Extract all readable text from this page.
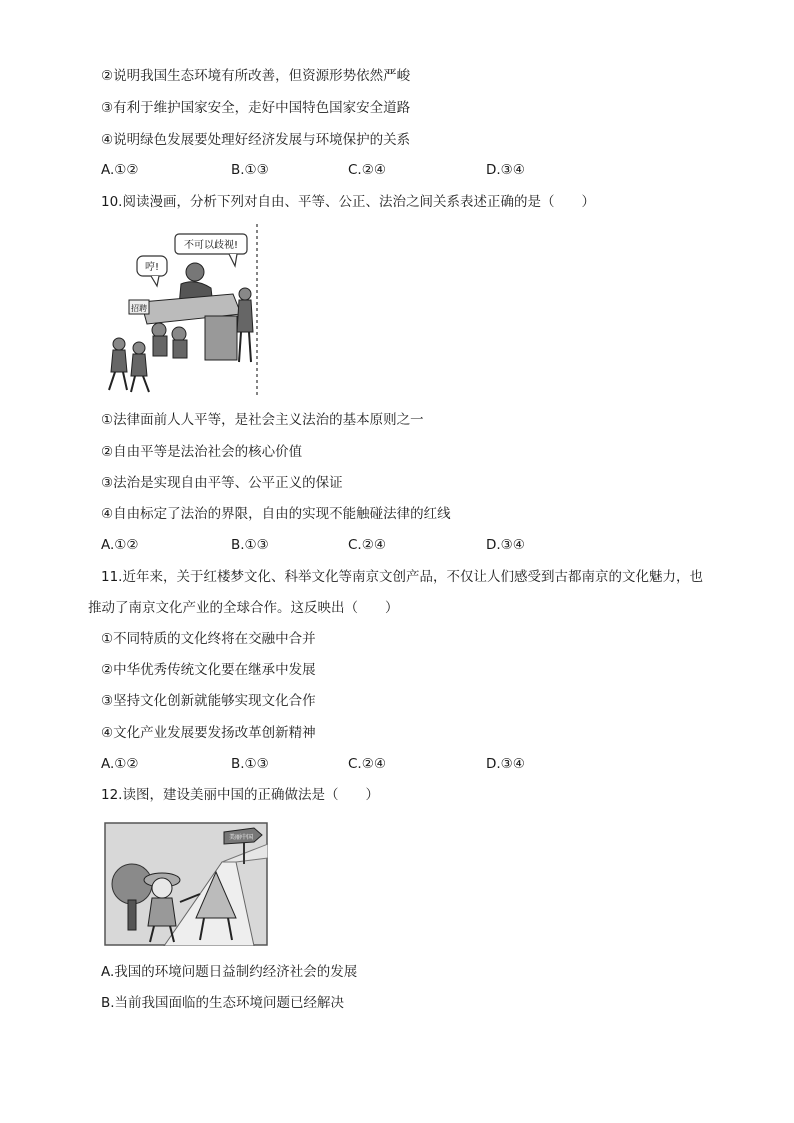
②说明我国生态环境有所改善，但资源形势依然严峻
③有利于维护国家安全，走好中国特色国家安全道路
④说明绿色发展要处理好经济发展与环境保护的关系
A.①②	B.①③	C.②④	D.③④
10.阅读漫画，分析下列对自由、平等、公正、法治之间关系表述正确的是（　　）
哼!
不可以歧视!
招聘
①法律面前人人平等，是社会主义法治的基本原则之一
②自由平等是法治社会的核心价值
③法治是实现自由平等、公平正义的保证
④自由标定了法治的界限，自由的实现不能触碰法律的红线
A.①②	B.①③	C.②④	D.③④
11.近年来，关于红楼梦文化、科举文化等南京文创产品，不仅让人们感受到古都南京的文化魅力，也
推动了南京文化产业的全球合作。这反映出（　　）
①不同特质的文化终将在交融中合并
②中华优秀传统文化要在继承中发展
③坚持文化创新就能够实现文化合作
④文化产业发展要发扬改革创新精神
A.①②	B.①③	C.②④	D.③④
12.读图，建设美丽中国的正确做法是（　　）
美丽中国
A.我国的环境问题日益制约经济社会的发展
B.当前我国面临的生态环境问题已经解决
